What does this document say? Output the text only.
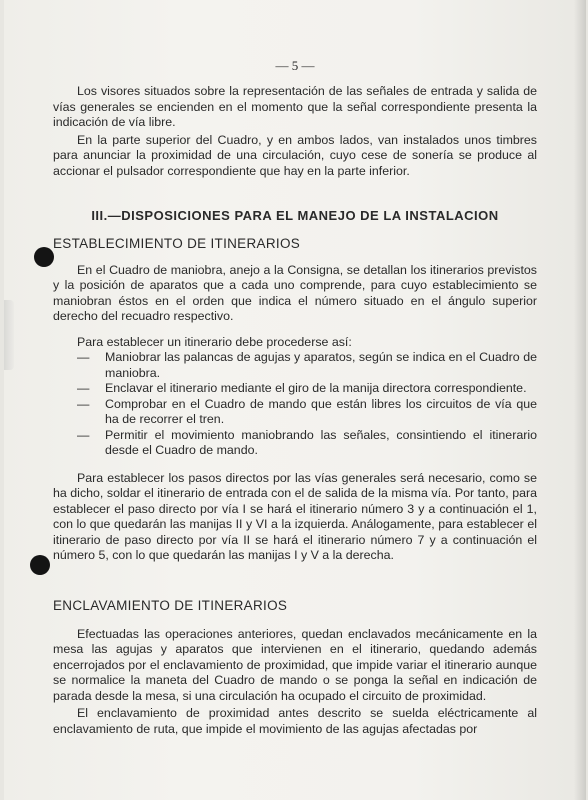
— 5 —

Los visores situados sobre la representación de las señales de entrada y salida de vías generales se encienden en el momento que la señal correspondiente presenta la indicación de vía libre.

En la parte superior del Cuadro, y en ambos lados, van instalados unos timbres para anunciar la proximidad de una circulación, cuyo cese de sonería se produce al accionar el pulsador correspondiente que hay en la parte inferior.

III.—DISPOSICIONES PARA EL MANEJO DE LA INSTALACION
ESTABLECIMIENTO DE ITINERARIOS

En el Cuadro de maniobra, anejo a la Consigna, se detallan los itinerarios previstos y la posición de aparatos que a cada uno comprende, para cuyo establecimiento se maniobran éstos en el orden que indica el número situado en el ángulo superior derecho del recuadro respectivo.

Para establecer un itinerario debe procederse así:

— Maniobrar las palancas de agujas y aparatos, según se indica en el Cuadro de maniobra.
— Enclavar el itinerario mediante el giro de la manija directora correspondiente.
— Comprobar en el Cuadro de mando que están libres los circuitos de vía que ha de recorrer el tren.
— Permitir el movimiento maniobrando las señales, consintiendo el itinerario desde el Cuadro de mando.

Para establecer los pasos directos por las vías generales será necesario, como se ha dicho, soldar el itinerario de entrada con el de salida de la misma vía. Por tanto, para establecer el paso directo por vía I se hará el itinerario número 3 y a continuación el 1, con lo que quedarán las manijas II y VI a la izquierda. Análogamente, para establecer el itinerario de paso directo por vía II se hará el itinerario número 7 y a continuación el número 5, con lo que quedarán las manijas I y V a la derecha.

ENCLAVAMIENTO DE ITINERARIOS

Efectuadas las operaciones anteriores, quedan enclavados mecánicamente en la mesa las agujas y aparatos que intervienen en el itinerario, quedando además encerrojados por el enclavamiento de proximidad, que impide variar el itinerario aunque se normalice la maneta del Cuadro de mando o se ponga la señal en indicación de parada desde la mesa, si una circulación ha ocupado el circuito de proximidad.

El enclavamiento de proximidad antes descrito se suelda eléctricamente al enclavamiento de ruta, que impide el movimiento de las agujas afectadas por
